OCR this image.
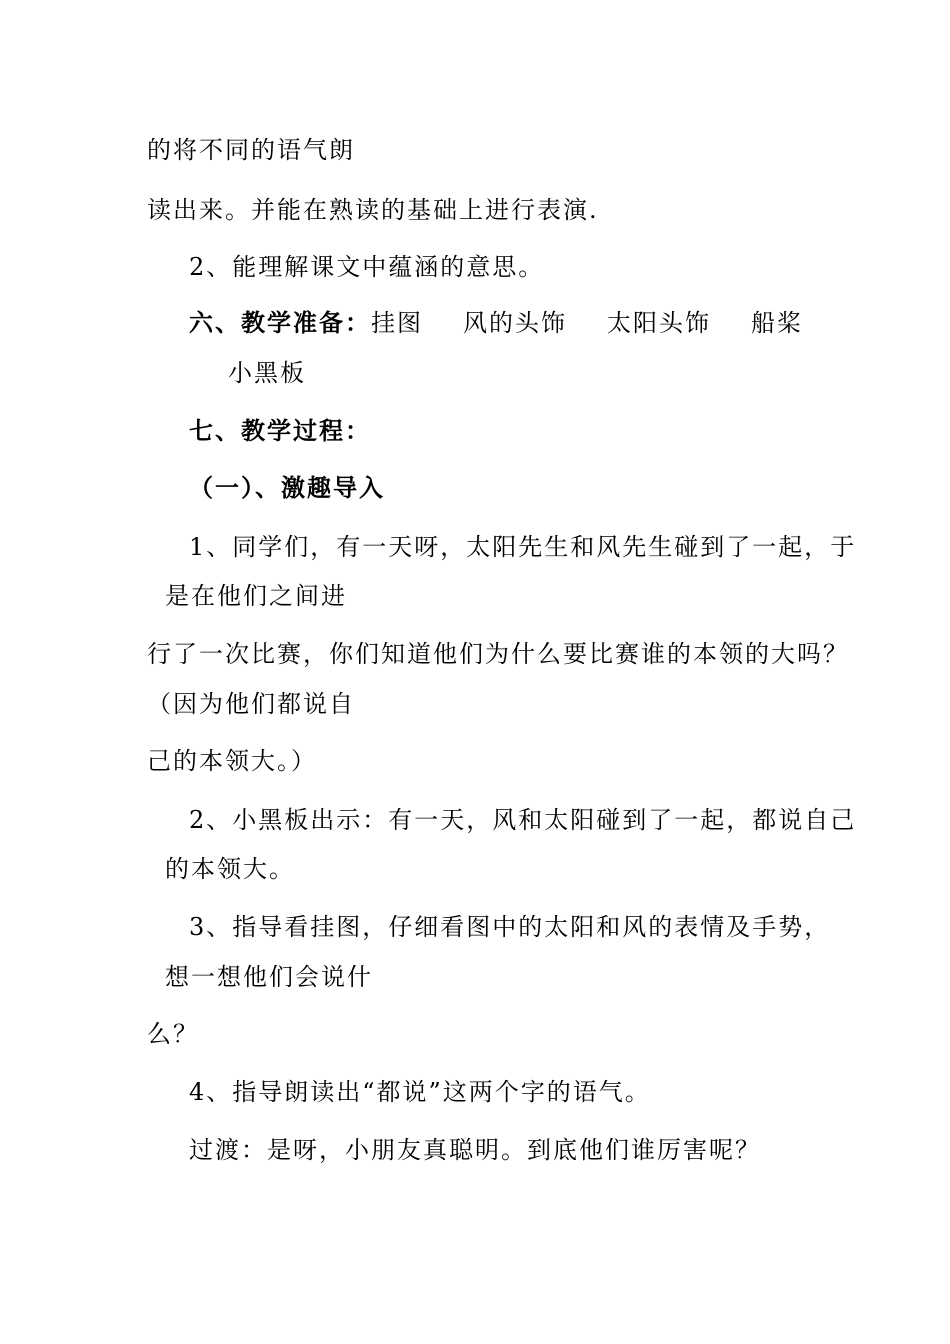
的将不同的语气朗
读出来。并能在熟读的基础上进行表演.
2、能理解课文中蕴涵的意思。
六、教学准备：挂图 风的头饰 太阳头饰 船桨
小黑板
七、教学过程：
（一）、激趣导入
1、同学们，有一天呀，太阳先生和风先生碰到了一起，于
是在他们之间进
行了一次比赛，你们知道他们为什么要比赛谁的本领的大吗？
（因为他们都说自
己的本领大。）
2、小黑板出示：有一天，风和太阳碰到了一起，都说自己
的本领大。
3、指导看挂图，仔细看图中的太阳和风的表情及手势，
想一想他们会说什
么？
4、指导朗读出“都说”这两个字的语气。
过渡：是呀，小朋友真聪明。到底他们谁厉害呢？
